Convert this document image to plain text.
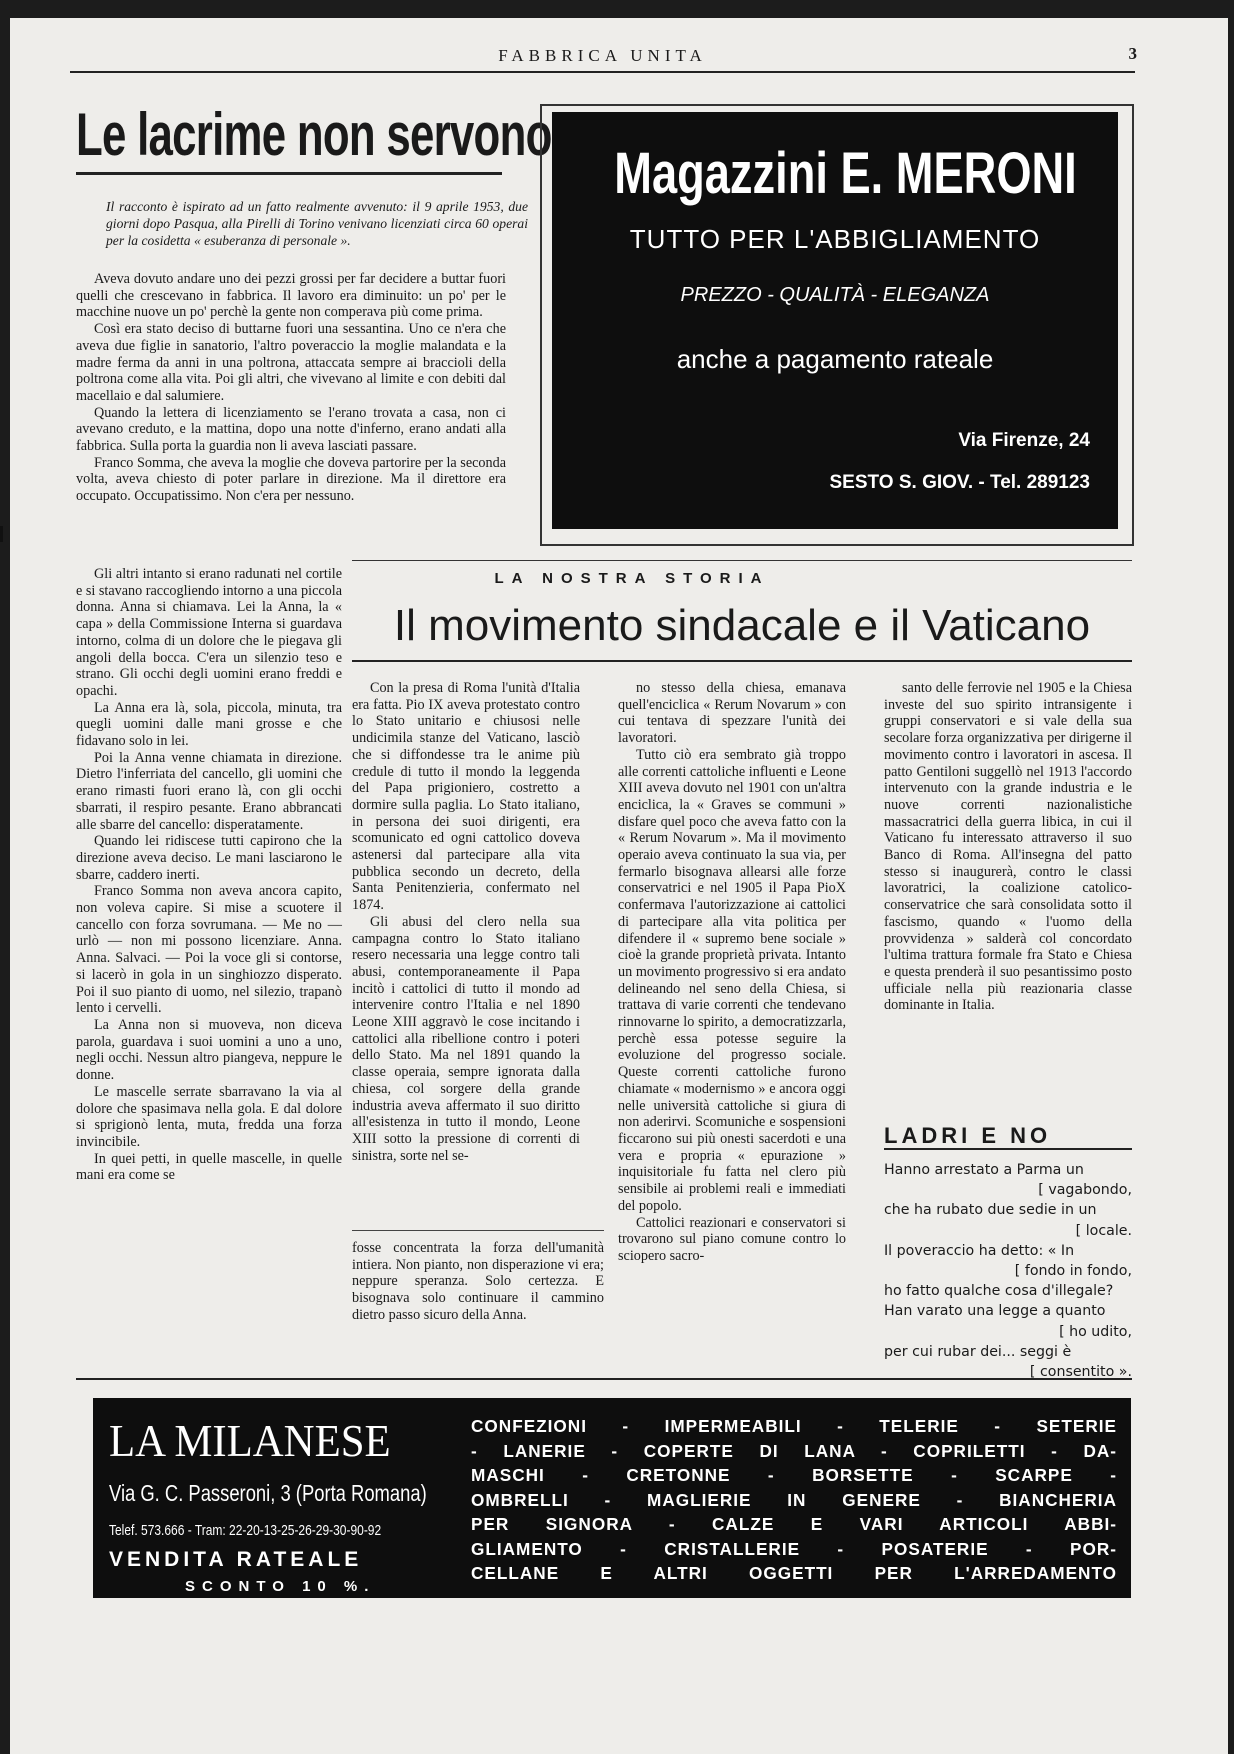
FABBRICA UNITA	3
Le lacrime non servono
Il racconto è ispirato ad un fatto realmente avvenuto: il 9 aprile 1953, due giorni dopo Pasqua, alla Pirelli di Torino venivano licenziati circa 60 operai per la cosidetta « esuberanza di personale ».

Aveva dovuto andare uno dei pezzi grossi per far decidere a buttar fuori quelli che crescevano in fabbrica. Il lavoro era diminuito: un po' per le macchine nuove un po' perchè la gente non comperava più come prima.

Così era stato deciso di buttarne fuori una sessantina. Uno ce n'era che aveva due figlie in sanatorio, l'altro poveraccio la moglie malandata e la madre ferma da anni in una poltrona, attaccata sempre ai braccioli della poltrona come alla vita. Poi gli altri, che vivevano al limite e con debiti dal macellaio e dal salumiere.

Quando la lettera di licenziamento se l'erano trovata a casa, non ci avevano creduto, e la mattina, dopo una notte d'inferno, erano andati alla fabbrica. Sulla porta la guardia non li aveva lasciati passare.

Franco Somma, che aveva la moglie che doveva partorire per la seconda volta, aveva chiesto di poter parlare in direzione. Ma il direttore era occupato. Occupatissimo. Non c'era per nessuno.

Gli altri intanto si erano radunati nel cortile e si stavano raccogliendo intorno a una piccola donna. Anna si chiamava. Lei la Anna, la « capa » della Commissione Interna si guardava intorno, colma di un dolore che le piegava gli angoli della bocca. C'era un silenzio teso e strano. Gli occhi degli uomini erano freddi e opachi.

La Anna era là, sola, piccola, minuta, tra quegli uomini dalle mani grosse e che fidavano solo in lei.

Poi la Anna venne chiamata in direzione. Dietro l'inferriata del cancello, gli uomini che erano rimasti fuori erano là, con gli occhi sbarrati, il respiro pesante. Erano abbrancati alle sbarre del cancello: disperatamente.

Quando lei ridiscese tutti capirono che la direzione aveva deciso. Le mani lasciarono le sbarre, caddero inerti.

Franco Somma non aveva ancora capito, non voleva capire. Si mise a scuotere il cancello con forza sovrumana. — Me no — urlò — non mi possono licenziare. Anna. Anna. Salvaci. — Poi la voce gli si contorse, si lacerò in gola in un singhiozzo disperato. Poi il suo pianto di uomo, nel silezio, trapanò lento i cervelli.

La Anna non si muoveva, non diceva parola, guardava i suoi uomini a uno a uno, negli occhi. Nessun altro piangeva, neppure le donne.

Le mascelle serrate sbarravano la via al dolore che spasimava nella gola. E dal dolore si sprigionò lenta, muta, fredda una forza invincibile.

In quei petti, in quelle mascelle, in quelle mani era come se

Magazzini E. MERONI
TUTTO PER L'ABBIGLIAMENTO
PREZZO - QUALITÀ - ELEGANZA
anche a pagamento rateale
Via Firenze, 24
SESTO S. GIOV. - Tel. 289123
LA NOSTRA STORIA
Il movimento sindacale e il Vaticano

Con la presa di Roma l'unità d'Italia era fatta. Pio IX aveva protestato contro lo Stato unitario e chiusosi nelle undicimila stanze del Vaticano, lasciò che si diffondesse tra le anime più credule di tutto il mondo la leggenda del Papa prigioniero, costretto a dormire sulla paglia. Lo Stato italiano, in persona dei suoi dirigenti, era scomunicato ed ogni cattolico doveva astenersi dal partecipare alla vita pubblica secondo un decreto, della Santa Penitenzieria, confermato nel 1874.

Gli abusi del clero nella sua campagna contro lo Stato italiano resero necessaria una legge contro tali abusi, contemporaneamente il Papa incitò i cattolici di tutto il mondo ad intervenire contro l'Italia e nel 1890 Leone XIII aggravò le cose incitando i cattolici alla ribellione contro i poteri dello Stato. Ma nel 1891 quando la classe operaia, sempre ignorata dalla chiesa, col sorgere della grande industria aveva affermato il suo diritto all'esistenza in tutto il mondo, Leone XIII sotto la pressione di correnti di sinistra, sorte nel se-

no stesso della chiesa, emanava quell'enciclica « Rerum Novarum » con cui tentava di spezzare l'unità dei lavoratori.

Tutto ciò era sembrato già troppo alle correnti cattoliche influenti e Leone XIII aveva dovuto nel 1901 con un'altra enciclica, la « Graves se communi » disfare quel poco che aveva fatto con la « Rerum Novarum ». Ma il movimento operaio aveva continuato la sua via, per fermarlo bisognava allearsi alle forze conservatrici e nel 1905 il Papa PioX confermava l'autorizzazione ai cattolici di partecipare alla vita politica per difendere il « supremo bene sociale » cioè la grande proprietà privata. Intanto un movimento progressivo si era andato delineando nel seno della Chiesa, si trattava di varie correnti che tendevano rinnovarne lo spirito, a democratizzarla, perchè essa potesse seguire la evoluzione del progresso sociale. Queste correnti cattoliche furono chiamate « modernismo » e ancora oggi nelle università cattoliche si giura di non aderirvi. Scomuniche e sospensioni ficcarono sui più onesti sacerdoti e una vera e propria « epurazione » inquisitoriale fu fatta nel clero più sensibile ai problemi reali e immediati del popolo.

Cattolici reazionari e conservatori si trovarono sul piano comune contro lo sciopero sacro-

santo delle ferrovie nel 1905 e la Chiesa investe del suo spirito intransigente i gruppi conservatori e si vale della sua secolare forza organizzativa per dirigerne il movimento contro i lavoratori in ascesa. Il patto Gentiloni suggellò nel 1913 l'accordo intervenuto con la grande industria e le nuove correnti nazionalistiche massacratrici della guerra libica, in cui il Vaticano fu interessato attraverso il suo Banco di Roma. All'insegna del patto stesso si inaugurerà, contro le classi lavoratrici, la coalizione catolico-conservatrice che sarà consolidata sotto il fascismo, quando « l'uomo della provvidenza » salderà col concordato l'ultima trattura formale fra Stato e Chiesa e questa prenderà il suo pesantissimo posto ufficiale nella più reazionaria classe dominante in Italia.

fosse concentrata la forza dell'umanità intiera. Non pianto, non disperazione vi era; neppure speranza. Solo certezza. E bisognava solo continuare il cammino dietro passo sicuro della Anna.

LADRI E NO
Hanno arrestato a Parma un
[ vagabondo,
che ha rubato due sedie in un
[ locale.
Il poveraccio ha detto: « In
[ fondo in fondo,
ho fatto qualche cosa d'illegale?
Han varato una legge a quanto
[ ho udito,
per cui rubar dei... seggi è
[ consentito ».
LA MILANESE
Via G. C. Passeroni, 3 (Porta Romana)
Telef. 573.666 - Tram: 22-20-13-25-26-29-30-90-92
VENDITA RATEALE
SCONTO 10 %.
CONFEZIONI - IMPERMEABILI - TELERIE - SETERIE
- LANERIE - COPERTE DI LANA - COPRILETTI - DA-
MASCHI - CRETONNE - BORSETTE - SCARPE -
OMBRELLI - MAGLIERIE IN GENERE - BIANCHERIA
PER SIGNORA - CALZE E VARI ARTICOLI ABBI-
GLIAMENTO - CRISTALLERIE - POSATERIE - POR-
CELLANE E ALTRI OGGETTI PER L'ARREDAMENTO
